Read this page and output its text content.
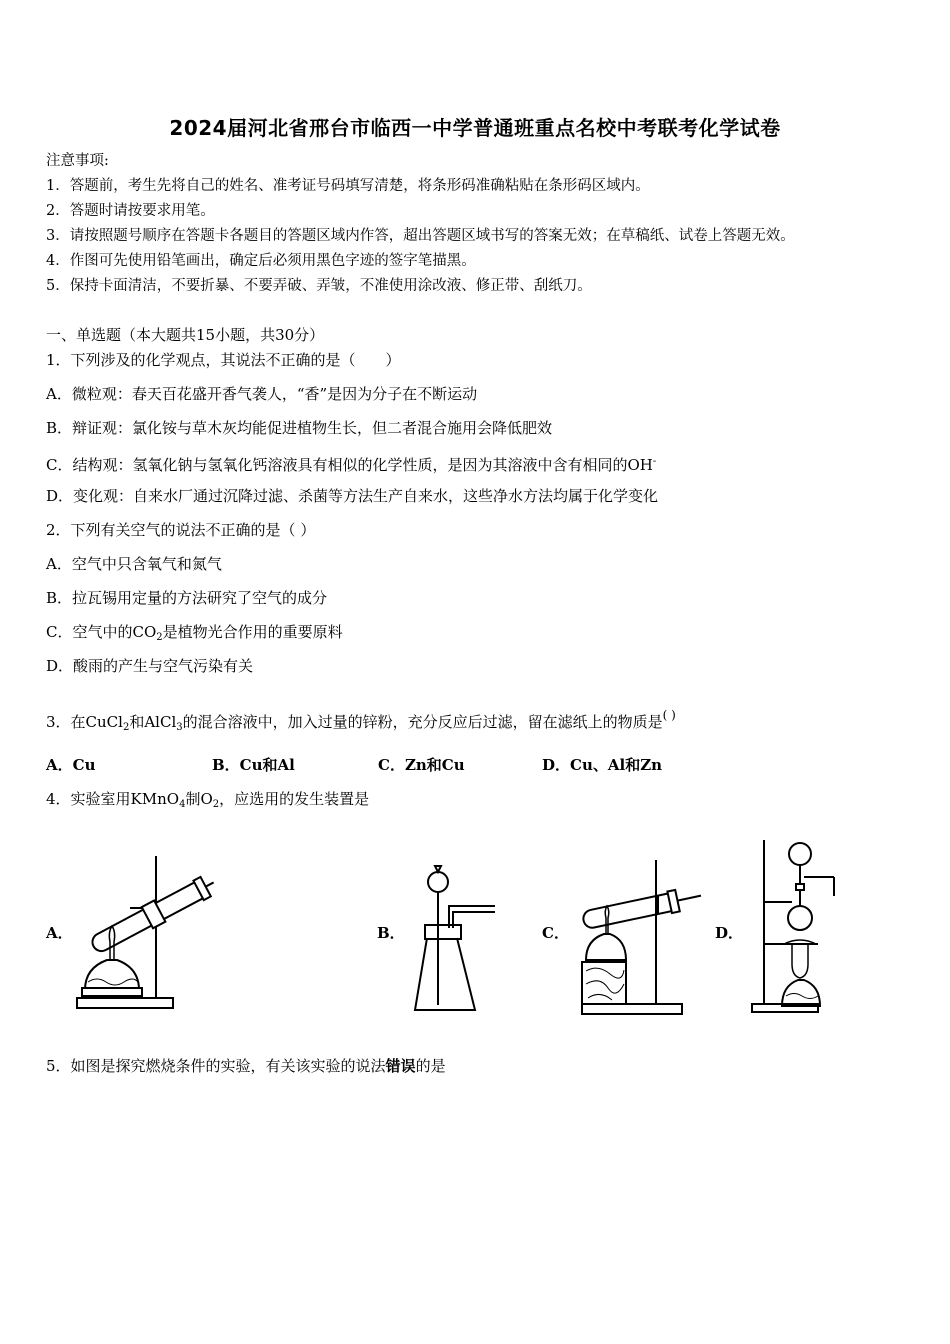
2024届河北省邢台市临西一中学普通班重点名校中考联考化学试卷
注意事项:
1．答题前，考生先将自己的姓名、准考证号码填写清楚，将条形码准确粘贴在条形码区域内。
2．答题时请按要求用笔。
3．请按照题号顺序在答题卡各题目的答题区域内作答，超出答题区域书写的答案无效；在草稿纸、试卷上答题无效。
4．作图可先使用铅笔画出，确定后必须用黑色字迹的签字笔描黑。
5．保持卡面清洁，不要折暴、不要弄破、弄皱，不准使用涂改液、修正带、刮纸刀。
一、单选题（本大题共15小题，共30分）
1．下列涉及的化学观点，其说法不正确的是（　　）
A．微粒观：春天百花盛开香气袭人，“香”是因为分子在不断运动
B．辩证观：氯化铵与草木灰均能促进植物生长，但二者混合施用会降低肥效
C．结构观：氢氧化钠与氢氧化钙溶液具有相似的化学性质，是因为其溶液中含有相同的OH-
D．变化观：自来水厂通过沉降过滤、杀菌等方法生产自来水，这些净水方法均属于化学变化
2．下列有关空气的说法不正确的是（ ）
A．空气中只含氧气和氮气
B．拉瓦锡用定量的方法研究了空气的成分
C．空气中的$CO_2$是植物光合作用的重要原料
D．酸雨的产生与空气污染有关
3．在CuCl$_2$和AlCl$_3$的混合溶液中，加入过量的锌粉，充分反应后过滤，留在滤纸上的物质是( )
A．Cu	B．Cu和Al	C．Zn和Cu	D．Cu、Al和Zn
4．实验室用KMnO$_4$制$O_2$，应选用的发生装置是
A．	B．	C．	D．
5．如图是探究燃烧条件的实验，有关该实验的说法错误的是
